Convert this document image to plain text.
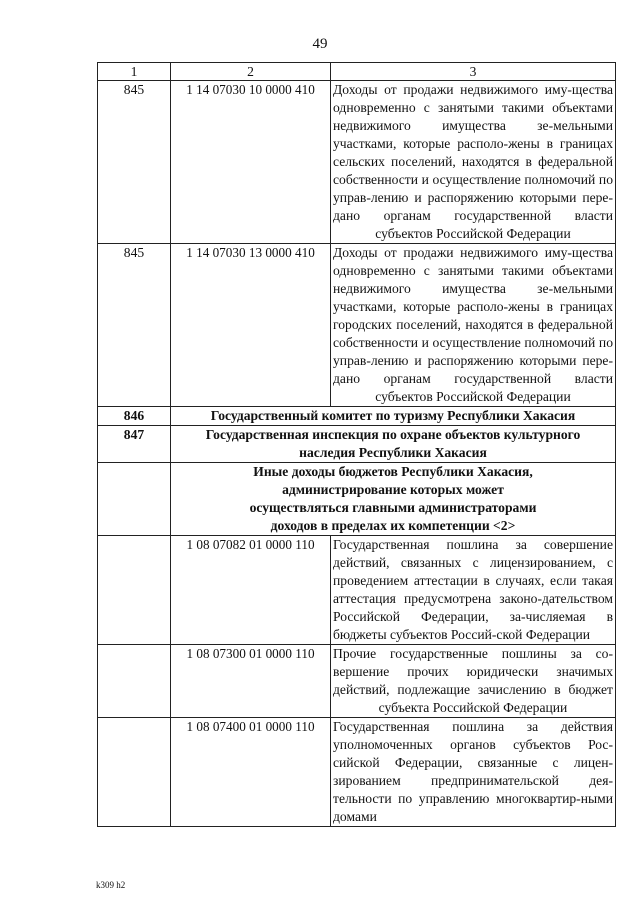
49
1	2	3
845	1 14 07030 10 0000 410	Доходы от продажи недвижимого иму-щества одновременно с занятыми такими объектами недвижимого имущества зе-мельными участками, которые располо-жены в границах сельских поселений, находятся в федеральной собственности и осуществление полномочий по управ-лению и распоряжению которыми пере-дано органам государственной власти субъектов Российской Федерации
845	1 14 07030 13 0000 410	Доходы от продажи недвижимого иму-щества одновременно с занятыми такими объектами недвижимого имущества зе-мельными участками, которые располо-жены в границах городских поселений, находятся в федеральной собственности и осуществление полномочий по управ-лению и распоряжению которыми пере-дано органам государственной власти субъектов Российской Федерации
846	Государственный комитет по туризму Республики Хакасия	
847	Государственная инспекция по охране объектов культурного наследия Республики Хакасия	
	Иные доходы бюджетов Республики Хакасия, администрирование которых может осуществляться главными администраторами доходов в пределах их компетенции <2>	
	1 08 07082 01 0000 110	Государственная пошлина за совершение действий, связанных с лицензированием, с проведением аттестации в случаях, если такая аттестация предусмотрена законо-дательством Российской Федерации, за-числяемая в бюджеты субъектов Россий-ской Федерации
	1 08 07300 01 0000 110	Прочие государственные пошлины за со-вершение прочих юридически значимых действий, подлежащие зачислению в бюджет субъекта Российской Федерации
	1 08 07400 01 0000 110	Государственная пошлина за действия уполномоченных органов субъектов Рос-сийской Федерации, связанные с лицен-зированием предпринимательской дея-тельности по управлению многоквартир-ными домами
k309 h2
